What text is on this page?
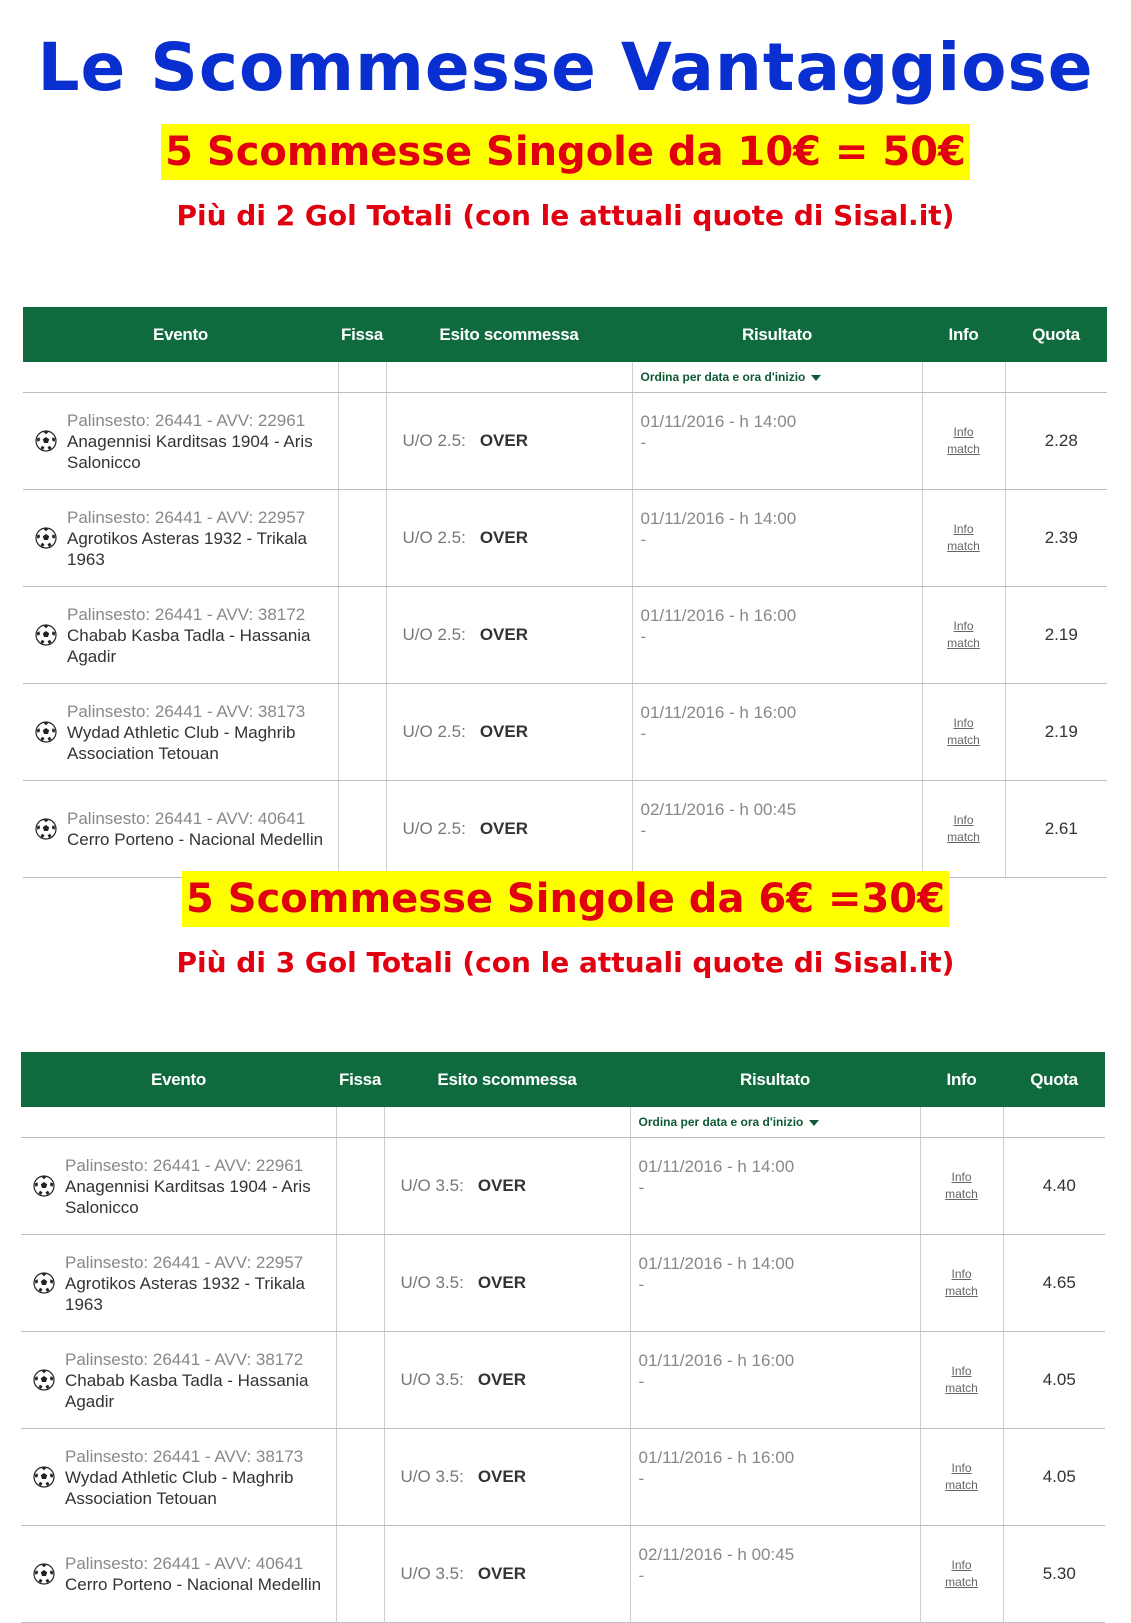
Le Scommesse Vantaggiose
5 Scommesse Singole da 10€ = 50€
Più di 2 Gol Totali (con le attuali quote di Sisal.it)
Evento	Fissa	Esito scommessa	Risultato	Info	Quota
			Ordina per data e ora d'inizio		

Palinsesto: 26441 - AVV: 22961
Anagennisi Karditsas 1904 - Aris Salonicco		U/O 2.5: OVER	01/11/2016 - h 14:00
-	Info
match	2.28

Palinsesto: 26441 - AVV: 22957
Agrotikos Asteras 1932 - Trikala 1963		U/O 2.5: OVER	01/11/2016 - h 14:00
-	Info
match	2.39

Palinsesto: 26441 - AVV: 38172
Chabab Kasba Tadla - Hassania Agadir		U/O 2.5: OVER	01/11/2016 - h 16:00
-	Info
match	2.19

Palinsesto: 26441 - AVV: 38173
Wydad Athletic Club - Maghrib Association Tetouan		U/O 2.5: OVER	01/11/2016 - h 16:00
-	Info
match	2.19

Palinsesto: 26441 - AVV: 40641
Cerro Porteno - Nacional Medellin		U/O 2.5: OVER	02/11/2016 - h 00:45
-	Info
match	2.61
5 Scommesse Singole da 6€ =30€
Più di 3 Gol Totali (con le attuali quote di Sisal.it)
Evento	Fissa	Esito scommessa	Risultato	Info	Quota
			Ordina per data e ora d'inizio		

Palinsesto: 26441 - AVV: 22961
Anagennisi Karditsas 1904 - Aris Salonicco		U/O 3.5: OVER	01/11/2016 - h 14:00
-	Info
match	4.40

Palinsesto: 26441 - AVV: 22957
Agrotikos Asteras 1932 - Trikala 1963		U/O 3.5: OVER	01/11/2016 - h 14:00
-	Info
match	4.65

Palinsesto: 26441 - AVV: 38172
Chabab Kasba Tadla - Hassania Agadir		U/O 3.5: OVER	01/11/2016 - h 16:00
-	Info
match	4.05

Palinsesto: 26441 - AVV: 38173
Wydad Athletic Club - Maghrib Association Tetouan		U/O 3.5: OVER	01/11/2016 - h 16:00
-	Info
match	4.05

Palinsesto: 26441 - AVV: 40641
Cerro Porteno - Nacional Medellin		U/O 3.5: OVER	02/11/2016 - h 00:45
-	Info
match	5.30
